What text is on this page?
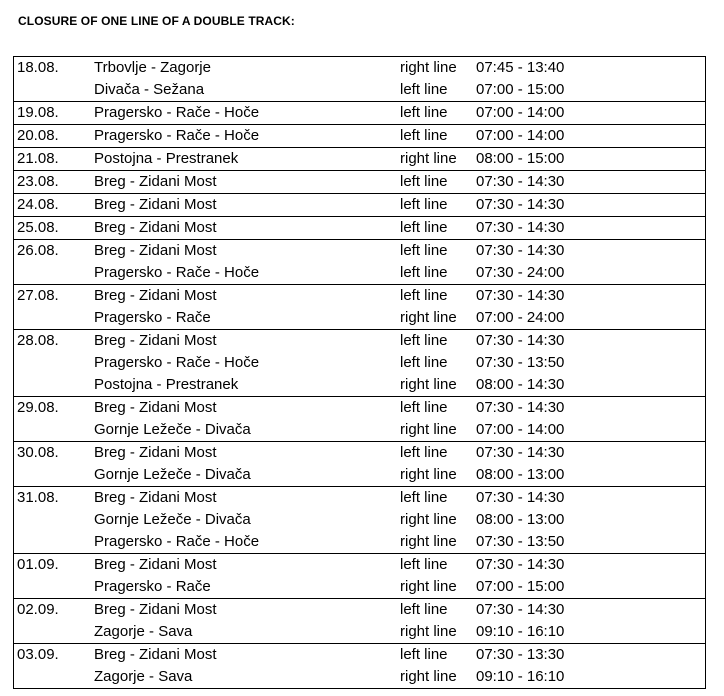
CLOSURE OF ONE LINE OF A DOUBLE TRACK:
18.08.	Trbovlje - Zagorje	right line	07:45 - 13:40
	Divača - Sežana	left line	07:00 - 15:00
19.08.	Pragersko - Rače - Hoče	left line	07:00 - 14:00
20.08.	Pragersko - Rače - Hoče	left line	07:00 - 14:00
21.08.	Postojna - Prestranek	right line	08:00 - 15:00
23.08.	Breg - Zidani Most	left line	07:30 - 14:30
24.08.	Breg - Zidani Most	left line	07:30 - 14:30
25.08.	Breg - Zidani Most	left line	07:30 - 14:30
26.08.	Breg - Zidani Most	left line	07:30 - 14:30
	Pragersko - Rače - Hoče	left line	07:30 - 24:00
27.08.	Breg - Zidani Most	left line	07:30 - 14:30
	Pragersko - Rače	right line	07:00 - 24:00
28.08.	Breg - Zidani Most	left line	07:30 - 14:30
	Pragersko - Rače - Hoče	left line	07:30 - 13:50
	Postojna - Prestranek	right line	08:00 - 14:30
29.08.	Breg - Zidani Most	left line	07:30 - 14:30
	Gornje Ležeče - Divača	right line	07:00 - 14:00
30.08.	Breg - Zidani Most	left line	07:30 - 14:30
	Gornje Ležeče - Divača	right line	08:00 - 13:00
31.08.	Breg - Zidani Most	left line	07:30 - 14:30
	Gornje Ležeče - Divača	right line	08:00 - 13:00
	Pragersko - Rače - Hoče	right line	07:30 - 13:50
01.09.	Breg - Zidani Most	left line	07:30 - 14:30
	Pragersko - Rače	right line	07:00 - 15:00
02.09.	Breg - Zidani Most	left line	07:30 - 14:30
	Zagorje - Sava	right line	09:10 - 16:10
03.09.	Breg - Zidani Most	left line	07:30 - 13:30
	Zagorje - Sava	right line	09:10 - 16:10
